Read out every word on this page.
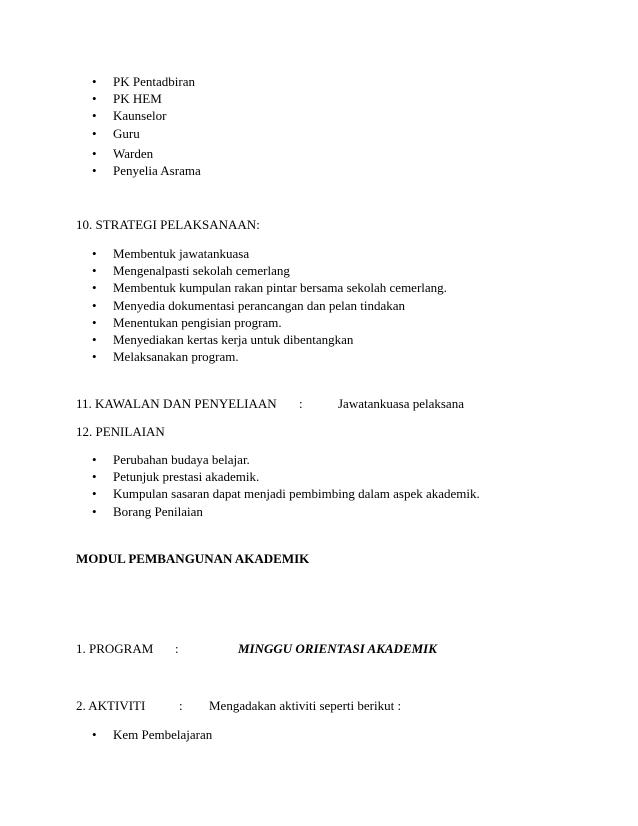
• PK Pentadbiran
• PK HEM
• Kaunselor
• Guru
• Warden
• Penyelia Asrama
10. STRATEGI PELAKSANAAN:
• Membentuk jawatankuasa
• Mengenalpasti sekolah cemerlang
• Membentuk kumpulan rakan pintar bersama sekolah cemerlang.
• Menyedia dokumentasi perancangan dan pelan tindakan
• Menentukan pengisian program.
• Menyediakan kertas kerja untuk dibentangkan
• Melaksanakan program.
11. KAWALAN DAN PENYELIAAN :	Jawatankuasa pelaksana
12. PENILAIAN
• Perubahan budaya belajar.
• Petunjuk prestasi akademik.
• Kumpulan sasaran dapat menjadi pembimbing dalam aspek akademik.
• Borang Penilaian
MODUL PEMBANGUNAN AKADEMIK
1. PROGRAM :	MINGGU ORIENTASI AKADEMIK
2. AKTIVITI	: Mengadakan aktiviti seperti berikut :
• Kem Pembelajaran
